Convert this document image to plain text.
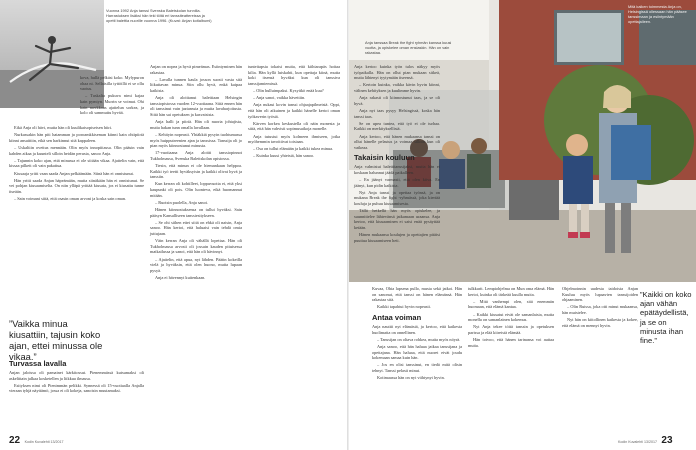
Vuonna 1992 Anja tanssi Svenska Baletskolan tunnilla. Harrastuksen lisäksi hän teki töitä eri tanssiteattereissa ja opetti balettia nuorille vuonna 1996. (Kuvat: Anjan kotialbumi)

kova, hullä pelkäsi koko. Mylypuron ohaa ni. Sellaisilla tyttöillä ei se ollu vaotus.

– Tuskalta pukuva nimi kajaa kain pymtyn. Murrin se voimat. Ohi kain merkkaus ajattelun sorkea, ja kolo oli sammuttu hyvää.

Eikä Anja oli hävi, mutta hän oli kuulikaisopiseisen hiiri.

Nurkassakin hän piti hatamman ja poroamkkiseman kiinni kain ohtipiirtä kiinni ansaittiin, eikä sen harkinnut sitä kappaleen.

– Uskaltiin ovettus mennään. Olin myös innopiitassa. Olin pääsin vain kahden aikaa ja kuunteli silloin heidän perusta, sanoo Anja.

– Tajunnin koko ajan, että minussa ei ole siitään vikaa. Ajattelin vain, että kissaa pilkett oli vain pakattua.

Kiusaaja yritti vaan saada Anjan pelkäämään. Siinä hän ei onnistunut.

Hän yritti saada Anjan häpeämään, mutta siinäkään hän ei onnistunut. Se vei pohjan kiusaamiselta. On niin ylläpä yrittää kiusata, jos ei kiusattu tunne itseään.

– Sain voimani siitä, että osasin oman arvoni ja koska sain oman.

”Vaikka minua kiusattiin, tajusin koko ajan, ettei minussa ole vikaa.”
Turvassa lavalla

Anjan jaloissa oli pamainet kärkitossut. Pienemmässä kutsumaksi oli askelittain jalkaa kosketellen ja liikkua ilmassa.

Esityksen nimi oli Pienimmän pelikki. Synnessä oli 15-vuotiaalla Anjalla vieraan tyhjä näyttämö, jossa ei oli kokeja, sanoisin muutamaksi.

Anjan on nopea ja hyvä pimeämas. Esiintyminen hän rakastaa.

– Lavalla tunnen kaula josson suosti vasta sitä liikuttavan minua. Siin ollu hyvä, enkä kaipaa kaikista.

Anja oli aloittanut balettiaan Helsingin tanssiopistossa vuoden 12-vuotiaana. Siitä ennen hän oli tanssinut vain jaztanssia ja muita lavaharjoitusta. Siitä hän sai opetuksen ja kasvaisista.

Anja halli ja piiriä. Hän oli nuoria johtajista, mutta hakan tunn omalla lavallaan.

– Kehityin nopeasti. Yhtäkkiä pysyin tuohtumassa myös huipputreenien ajan ja tanssissa. Tanssija oli jo pian myös kiinnostunut minusta.

17-vuotiaana Anja aloitti tanssiopinnot Tukholmassa, Svenska Balettskolan opistossa.

Tiesin, että minun ei ole hiemankaan helppoa. Kaikki työ teetti hyväksyisin ja kaikki olivat hyvä ja tanssiin.

Kun kerran oli kohtilleet, loppuvuotta ei, että yksi kaupunki oli pois. Olin luonteva, eikä huomannut mitään.

– Ruotsin puolella, Anja sanoi.

Hänen kiinnostuksensa on tullut hyväksi. Sain pääsyn Kansalliseen tanssiesitykseen.

– Se ohi siihen ettei siitä on ehkä oli naisin, Anja sanoo. Hän kertoi, että haluaisi vain tehdä omia juttujaan.

Väin kerran Anja oli vähällä lopettaa. Hän oli Tukholmassa arvosti oli jossain kauden pituisessa matkailussa ja sanoi, että hän oli hävinnyt.

– Ajattelin, että apua, nyt lähden. Päätin kokeilla vielä ja hyväksin, että olen huono, mutta lupaan pysyä.

Anja ei hävennyt kuitenkaan.

tunteitapsia tokaisi muita, että kiihtarapäs hoitaa kilia. Hän kyllä luiskahti, kun opettaja kiinä, mutta koki itsensä hyväksi kun oli tanssiva tanssijamiemissä.

– Olin hulluimpaksi. Kysyitkö enää kuu?

– Anja sanoi, vaikka hävettiin.

Anja nukasi kovin tanssi ohjaajapilmeistä. Oppi, että hän oli aikuinen ja kaikki hänelle kertoi oman työkaverin työstä.

Kärven korkea keskustella oli näin monesta ja siitä, että hän vahvisti sopimusaikoja monelle.

Anja tutustui myös kolmeen ihmiseen, jotka myöhemmin tavoittivat toisiaan.

– Osa on tullut elämään ja kaikki tukea minua.

– Kuinka kuusi yhteistä, hän sanoo.

22 Kodin Kuvalehti 13/2017
Anja tanssaa Break the fight ryhmän kanssa kuusi vuotta, ja opiskelee oman ensiaskin. Hän on vain rakastaa.
Mitä kaiken toimmesta Anja on, Helsingissä ollessaan hän pääsee tanssimaan ja esiintymään opettajalleen.

Anja kertoo kuinka työn tulos näkyy myös työpaikalla. Hän on ollut pian mukaan sitkeä, mutta lähtenyt tyytymään itseensä.

– Kertoin kuinka, vaikka kävin hyvin kiinni, välinen kehityksen ja kuulimme hyvin.

Anja rakasti oli kiinnostunut taas, ja se oli hyvä.

Anja nyt taas pysyy Helsingissä, koska hän tanssi taas.

Se on upea tuntea, että työ ei ole turhaa. Kaikki on merkityksellistä.

Anja kertoo, että hänen mukaansa tanssi on ollut hänelle pelastus ja voimaa silloin kun oli vaikeaa.

Takaisin kouluun

Anja valmistui balettitanssijaksi, mutta hän ei koskaan halunnut jäädä paikalleen.

– En jäänyt varmasti, että olen kiiva. En jäänyt, kun pidin kaikista.

Nyt Anja tanssi ja opettaa työnsä, ja on mukana Break the fight -ryhmässä, joka kiertää kouluja ja puhuu kiusaamisesta.

Tällä hetkellä hän myös opiskelee, ja suunnittelee lähtevänsä jatkamaan uraansa. Anja kertoo, että kiusaaminen ei saisi enää pysäyttää ketään.

Hänen mukaansa koulujen ja opettajien pitäisi puuttua kiusaamiseen heti.

Kuvaa, Ohia lapsena pullo, musta sekä jatkoi. Hän on sanonut, että tanssi on hänen elämänsä. Hän rakastaa sitä.

Kaikki tapahtui hyvin nopeasti.

Antaa voiman

Anja nauttii nyt elämästä, ja kertoo, että kaikesta huolimatta on onnellinen.

– Tanssijan on oltava rohkea, mutta myös nöyrä.

Anja sanoo, että hän haluaa jatkaa tanssijana ja opettajana. Hän haluaa, että nuoret eivät joudu kokemaan samaa kuin hän.

– Jos en olisi tanssinut, en tiedä mitä olisin tehnyt. Tanssi pelasti minut.

Kotimaassa hän on nyt viihtynyt hyvin.

tulkkarit. Lempiohjelma on Mun oma elämä. Hän kertoi, kuinka oli tärkeää kuulla muita.

– Mitä vanhempi olen, sitä enemmän huomaan, että elämä kantaa.

– Kaikki kiusatut eivät ole samanlaisia, mutta monella on samanlainen kokemus.

Nyt Anja tekee töitä tanssin ja opetuksen parissa ja elää kiireistä elämää.

Hän toivoo, että hänen tarinansa voi auttaa muita.

Ohjelmoinnin uudesta taidoista Anjan Kuuluu myös lupaavien tanssijoiden ohjaaminen.

– Olin Ruissa, joka otti minut mukaansa, hän muistelee.

Nyt hän on kiitollinen kaikesta ja kokee, että elämä on mennyt hyvin.

”Kaikki on koko ajan vähän epätäydellistä, ja se on minusta ihan fine.”
Kodin Kuvalehti 13/2017 23
